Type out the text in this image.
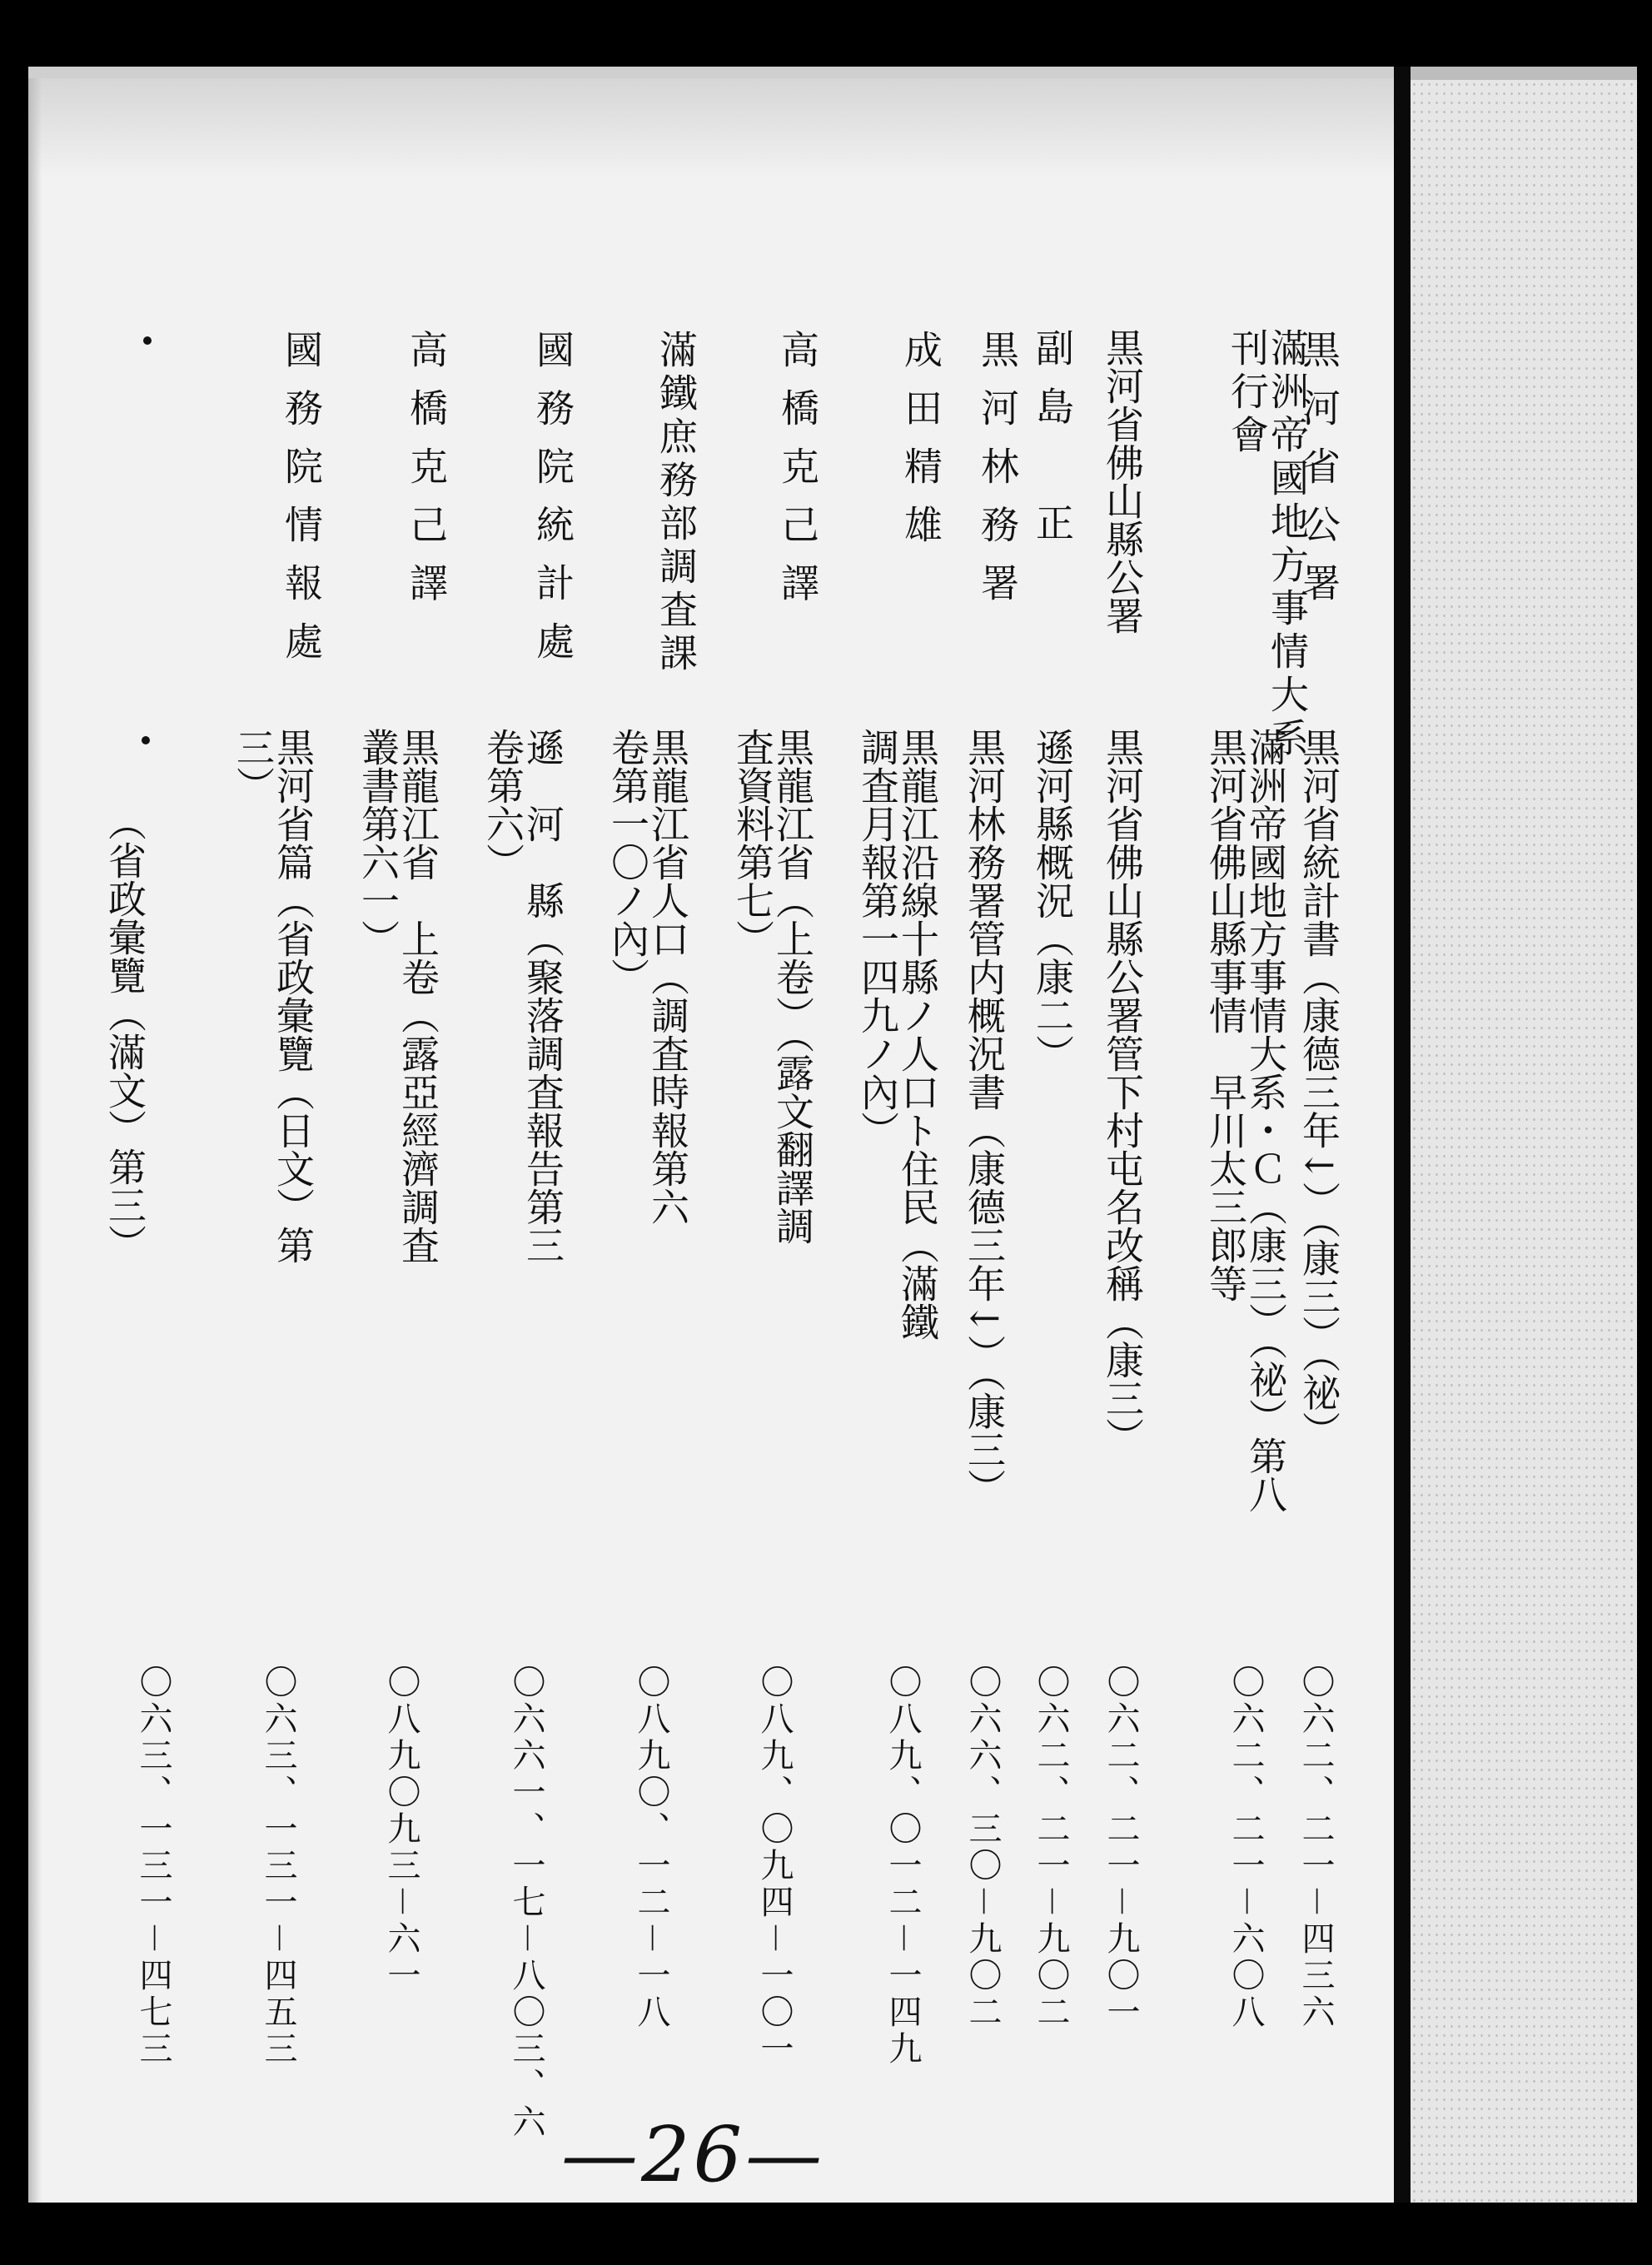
黒河省公署
滿洲帝國地方事情大系刊行會
黒河省佛山縣公署
副島　正
黒河林務署
成田精雄
高橋克己譯
滿鐵庶務部調査課
國務院統計處
高橋克己譯
國務院情報處
黒河省統計書（康德三年↓）（康三）（祕）
滿洲帝國地方事情大系・Ｃ（康三）（祕）第八　黒河省佛山縣事情　早川太三郎等
黒河省佛山縣公署管下村屯名改稱（康三）
遜河縣概況（康二）
黒河林務署管内概況書（康德三年↓）（康三）
黒龍江沿線十縣ノ人口ト住民（滿鐵調査月報第一四九ノ內）
黒龍江省（上卷）（露文翻譯調査資料第七）
黒龍江省人口（調査時報第六卷第一〇ノ內）
遜　河　縣（聚落調査報告第三卷第六）
黒龍江省　上卷（露亞經濟調査叢書第六一）
黒河省篇（省政彙覽（日文）第三）
（省政彙覽（滿文）第三）
〇六二、二一－四三六
〇六二、二一－六〇八
〇六二、二一－九〇一
〇六二、二一－九〇二
〇六六、三〇－九〇二
〇八九、〇一二－一四九
〇八九、〇九四－一〇一
〇八九〇、一二－一八
〇六六一、一七－八〇三、六
〇八九〇九三－六一
〇六三、一三一－四五三
〇六三、一三一－四七三
—26—
